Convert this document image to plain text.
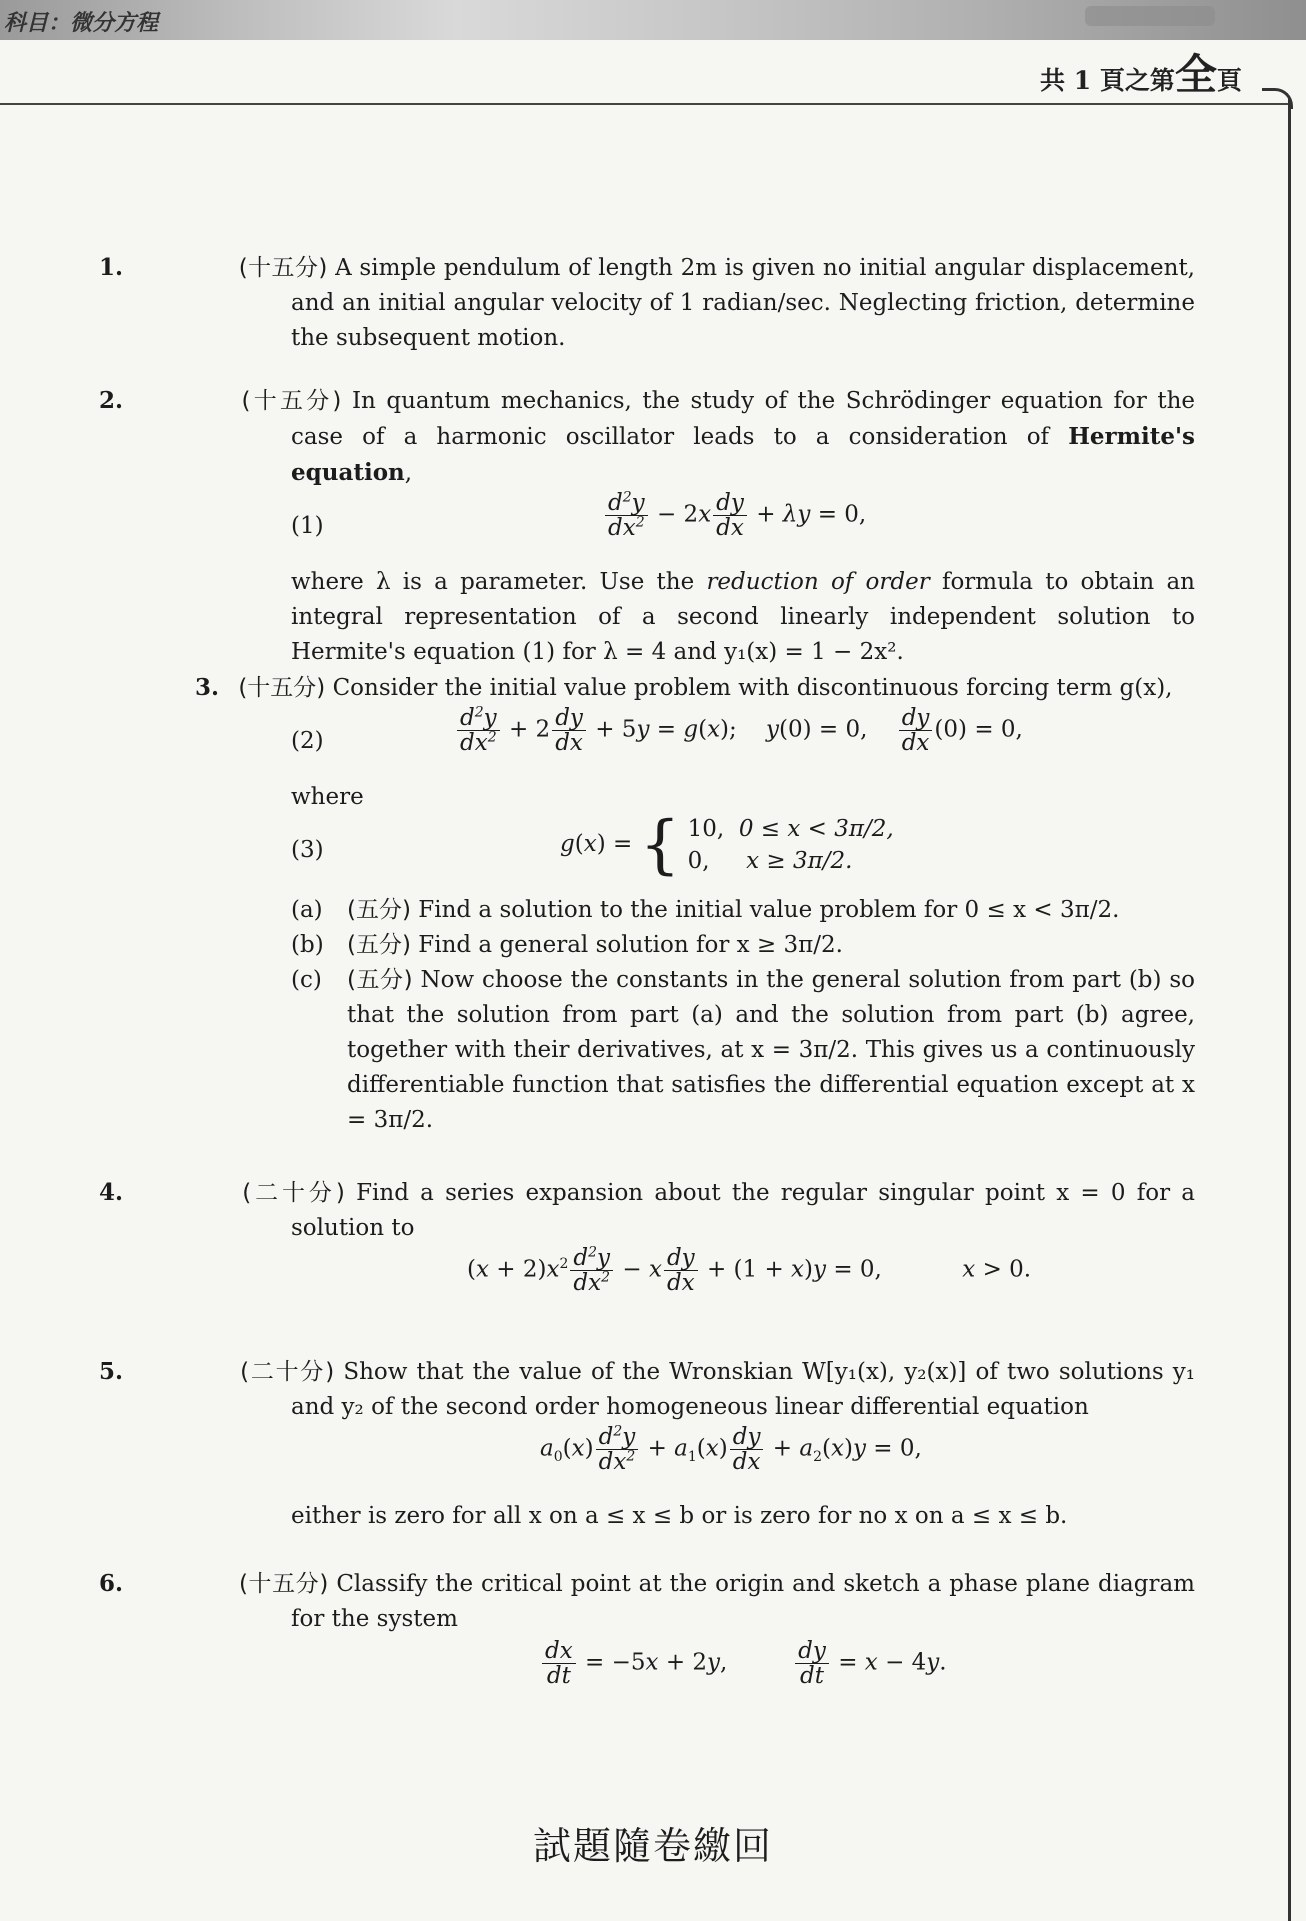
科目：微分方程
共 1 頁之第全頁

1.	(十五分) A simple pendulum of length 2m is given no initial angular displacement, and an initial angular velocity of 1 radian/sec. Neglecting friction, determine the subsequent motion.

2.	(十五分) In quantum mechanics, the study of the Schrödinger equation for the case of a harmonic oscillator leads to a consideration of Hermite's equation,

(1)	$\frac{d^2y}{dx^2} - 2x \frac{dy}{dx} + \lambda y = 0$,

where λ is a parameter. Use the reduction of order formula to obtain an integral representation of a second linearly independent solution to Hermite's equation (1) for λ = 4 and y₁(x) = 1 − 2x².

3. (十五分) Consider the initial value problem with discontinuous forcing term g(x),

(2)	$\frac{d^2y}{dx^2} + 2 \frac{dy}{dx} + 5y = g(x)$;    y(0) = 0, $\frac{dy}{dx} (0) = 0$,

where

(3)	g(x) = { 10, 0 ≤ x < 3π/2,
0, x ≥ 3π/2.
(a)	(五分) Find a solution to the initial value problem for 0 ≤ x < 3π/2.
(b)	(五分) Find a general solution for x ≥ 3π/2.
(c)	(五分) Now choose the constants in the general solution from part (b) so that the solution from part (a) and the solution from part (b) agree, together with their derivatives, at x = 3π/2. This gives us a continuously differentiable function that satisfies the differential equation except at x = 3π/2.

4.	(二十分) Find a series expansion about the regular singular point x = 0 for a solution to

$(x + 2)x^2 \frac{d^2y}{dx^2} - x \frac{dy}{dx} + (1 + x)y = 0$,           x > 0.

5.	(二十分) Show that the value of the Wronskian W[y₁(x), y₂(x)] of two solutions y₁ and y₂ of the second order homogeneous linear differential equation

$a_0(x) \frac{d^2y}{dx^2} + a_1(x) \frac{dy}{dx} + a_2(x)y = 0$,

either is zero for all x on a ≤ x ≤ b or is zero for no x on a ≤ x ≤ b.

6.	(十五分) Classify the critical point at the origin and sketch a phase plane diagram for the system

$\frac{dx}{dt} = -5x + 2y$,	$\frac{dy}{dt} = x - 4y$.
試題隨卷繳回
